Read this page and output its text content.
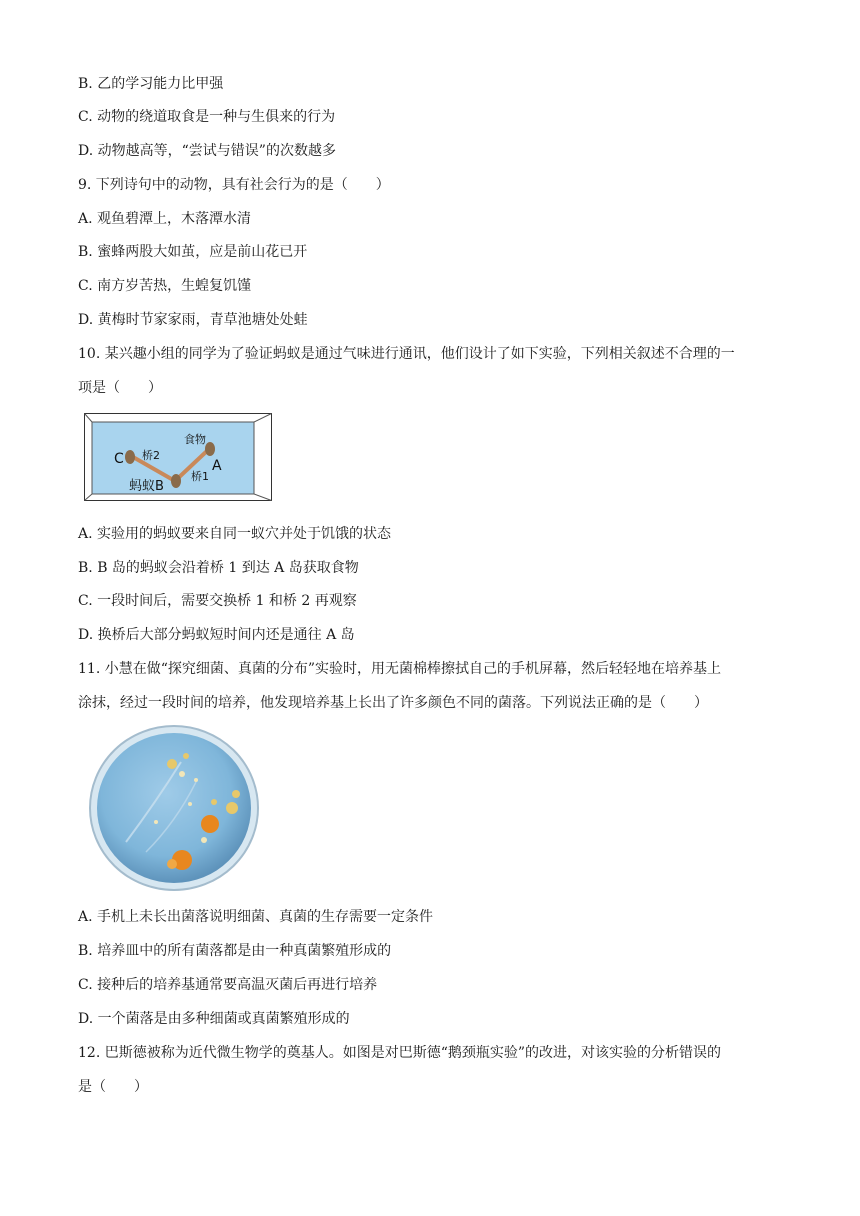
B. 乙的学习能力比甲强
C. 动物的绕道取食是一种与生俱来的行为
D. 动物越高等，“尝试与错误”的次数越多
9. 下列诗句中的动物，具有社会行为的是（　　）
A. 观鱼碧潭上，木落潭水清
B. 蜜蜂两股大如茧，应是前山花已开
C. 南方岁苦热，生蝗复饥馑
D. 黄梅时节家家雨，青草池塘处处蛙
10. 某兴趣小组的同学为了验证蚂蚁是通过气味进行通讯，他们设计了如下实验，下列相关叙述不合理的一
项是（　　）
C 桥2
食物
A
蚂蚁B
桥1
A. 实验用的蚂蚁要来自同一蚁穴并处于饥饿的状态
B. B 岛的蚂蚁会沿着桥 1 到达 A 岛获取食物
C. 一段时间后，需要交换桥 1 和桥 2 再观察
D. 换桥后大部分蚂蚁短时间内还是通往 A 岛
11. 小慧在做“探究细菌、真菌的分布”实验时，用无菌棉棒擦拭自己的手机屏幕，然后轻轻地在培养基上
涂抹，经过一段时间的培养，他发现培养基上长出了许多颜色不同的菌落。下列说法正确的是（　　）
A. 手机上未长出菌落说明细菌、真菌的生存需要一定条件
B. 培养皿中的所有菌落都是由一种真菌繁殖形成的
C. 接种后的培养基通常要高温灭菌后再进行培养
D. 一个菌落是由多种细菌或真菌繁殖形成的
12. 巴斯德被称为近代微生物学的奠基人。如图是对巴斯德“鹅颈瓶实验”的改进，对该实验的分析错误的
是（　　）
